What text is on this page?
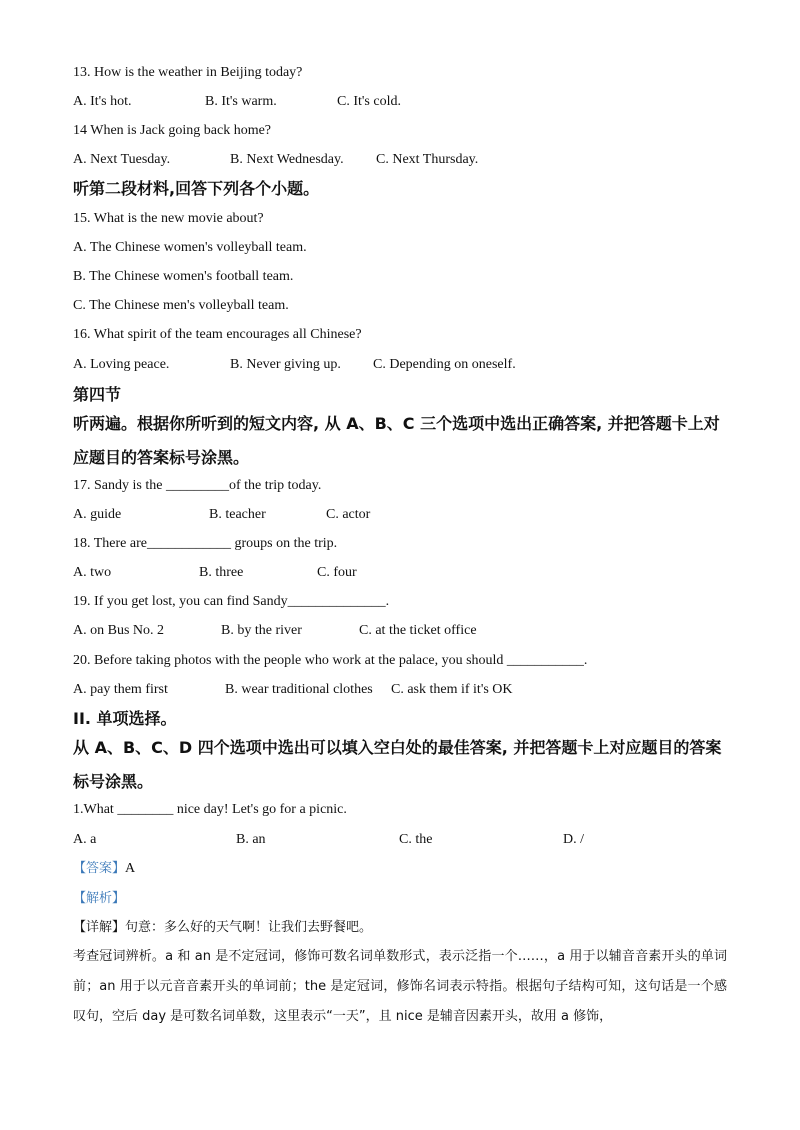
13. How is the weather in Beijing today?
A. It's hot.	B. It's warm.	C. It's cold.
14 When is Jack going back home?
A. Next Tuesday.	B. Next Wednesday. C. Next Thursday.
听第二段材料,回答下列各个小题。
15. What is the new movie about?
A. The Chinese women's volleyball team.
B. The Chinese women's football team.
C. The Chinese men's volleyball team.
16. What spirit of the team encourages all Chinese?
A. Loving peace.	B. Never giving up. C. Depending on oneself.
第四节
听两遍。根据你所听到的短文内容, 从 A、B、C 三个选项中选出正确答案, 并把答题卡上对应题目的答案标号涂黑。
17. Sandy is the _________of the trip today.
A. guide	B. teacher	C. actor
18. There are____________ groups on the trip.
A. two	B. three	C. four
19. If you get lost, you can find Sandy______________.
A. on Bus No. 2	B. by the river	C. at the ticket office
20. Before taking photos with the people who work at the palace, you should ___________.
A. pay them first	B. wear traditional clothes C. ask them if it's OK
II. 单项选择。
从 A、B、C、D 四个选项中选出可以填入空白处的最佳答案, 并把答题卡上对应题目的答案标号涂黑。
1.What ________ nice day! Let's go for a picnic.
A. a	B. an	C. the	D. /
【答案】A
【解析】
【详解】句意：多么好的天气啊！让我们去野餐吧。
考查冠词辨析。a 和 an 是不定冠词，修饰可数名词单数形式，表示泛指一个……，a 用于以辅音音素开头的单词前；an 用于以元音音素开头的单词前；the 是定冠词，修饰名词表示特指。根据句子结构可知，这句话是一个感叹句，空后 day 是可数名词单数，这里表示“一天”，且 nice 是辅音因素开头，故用 a 修饰，
